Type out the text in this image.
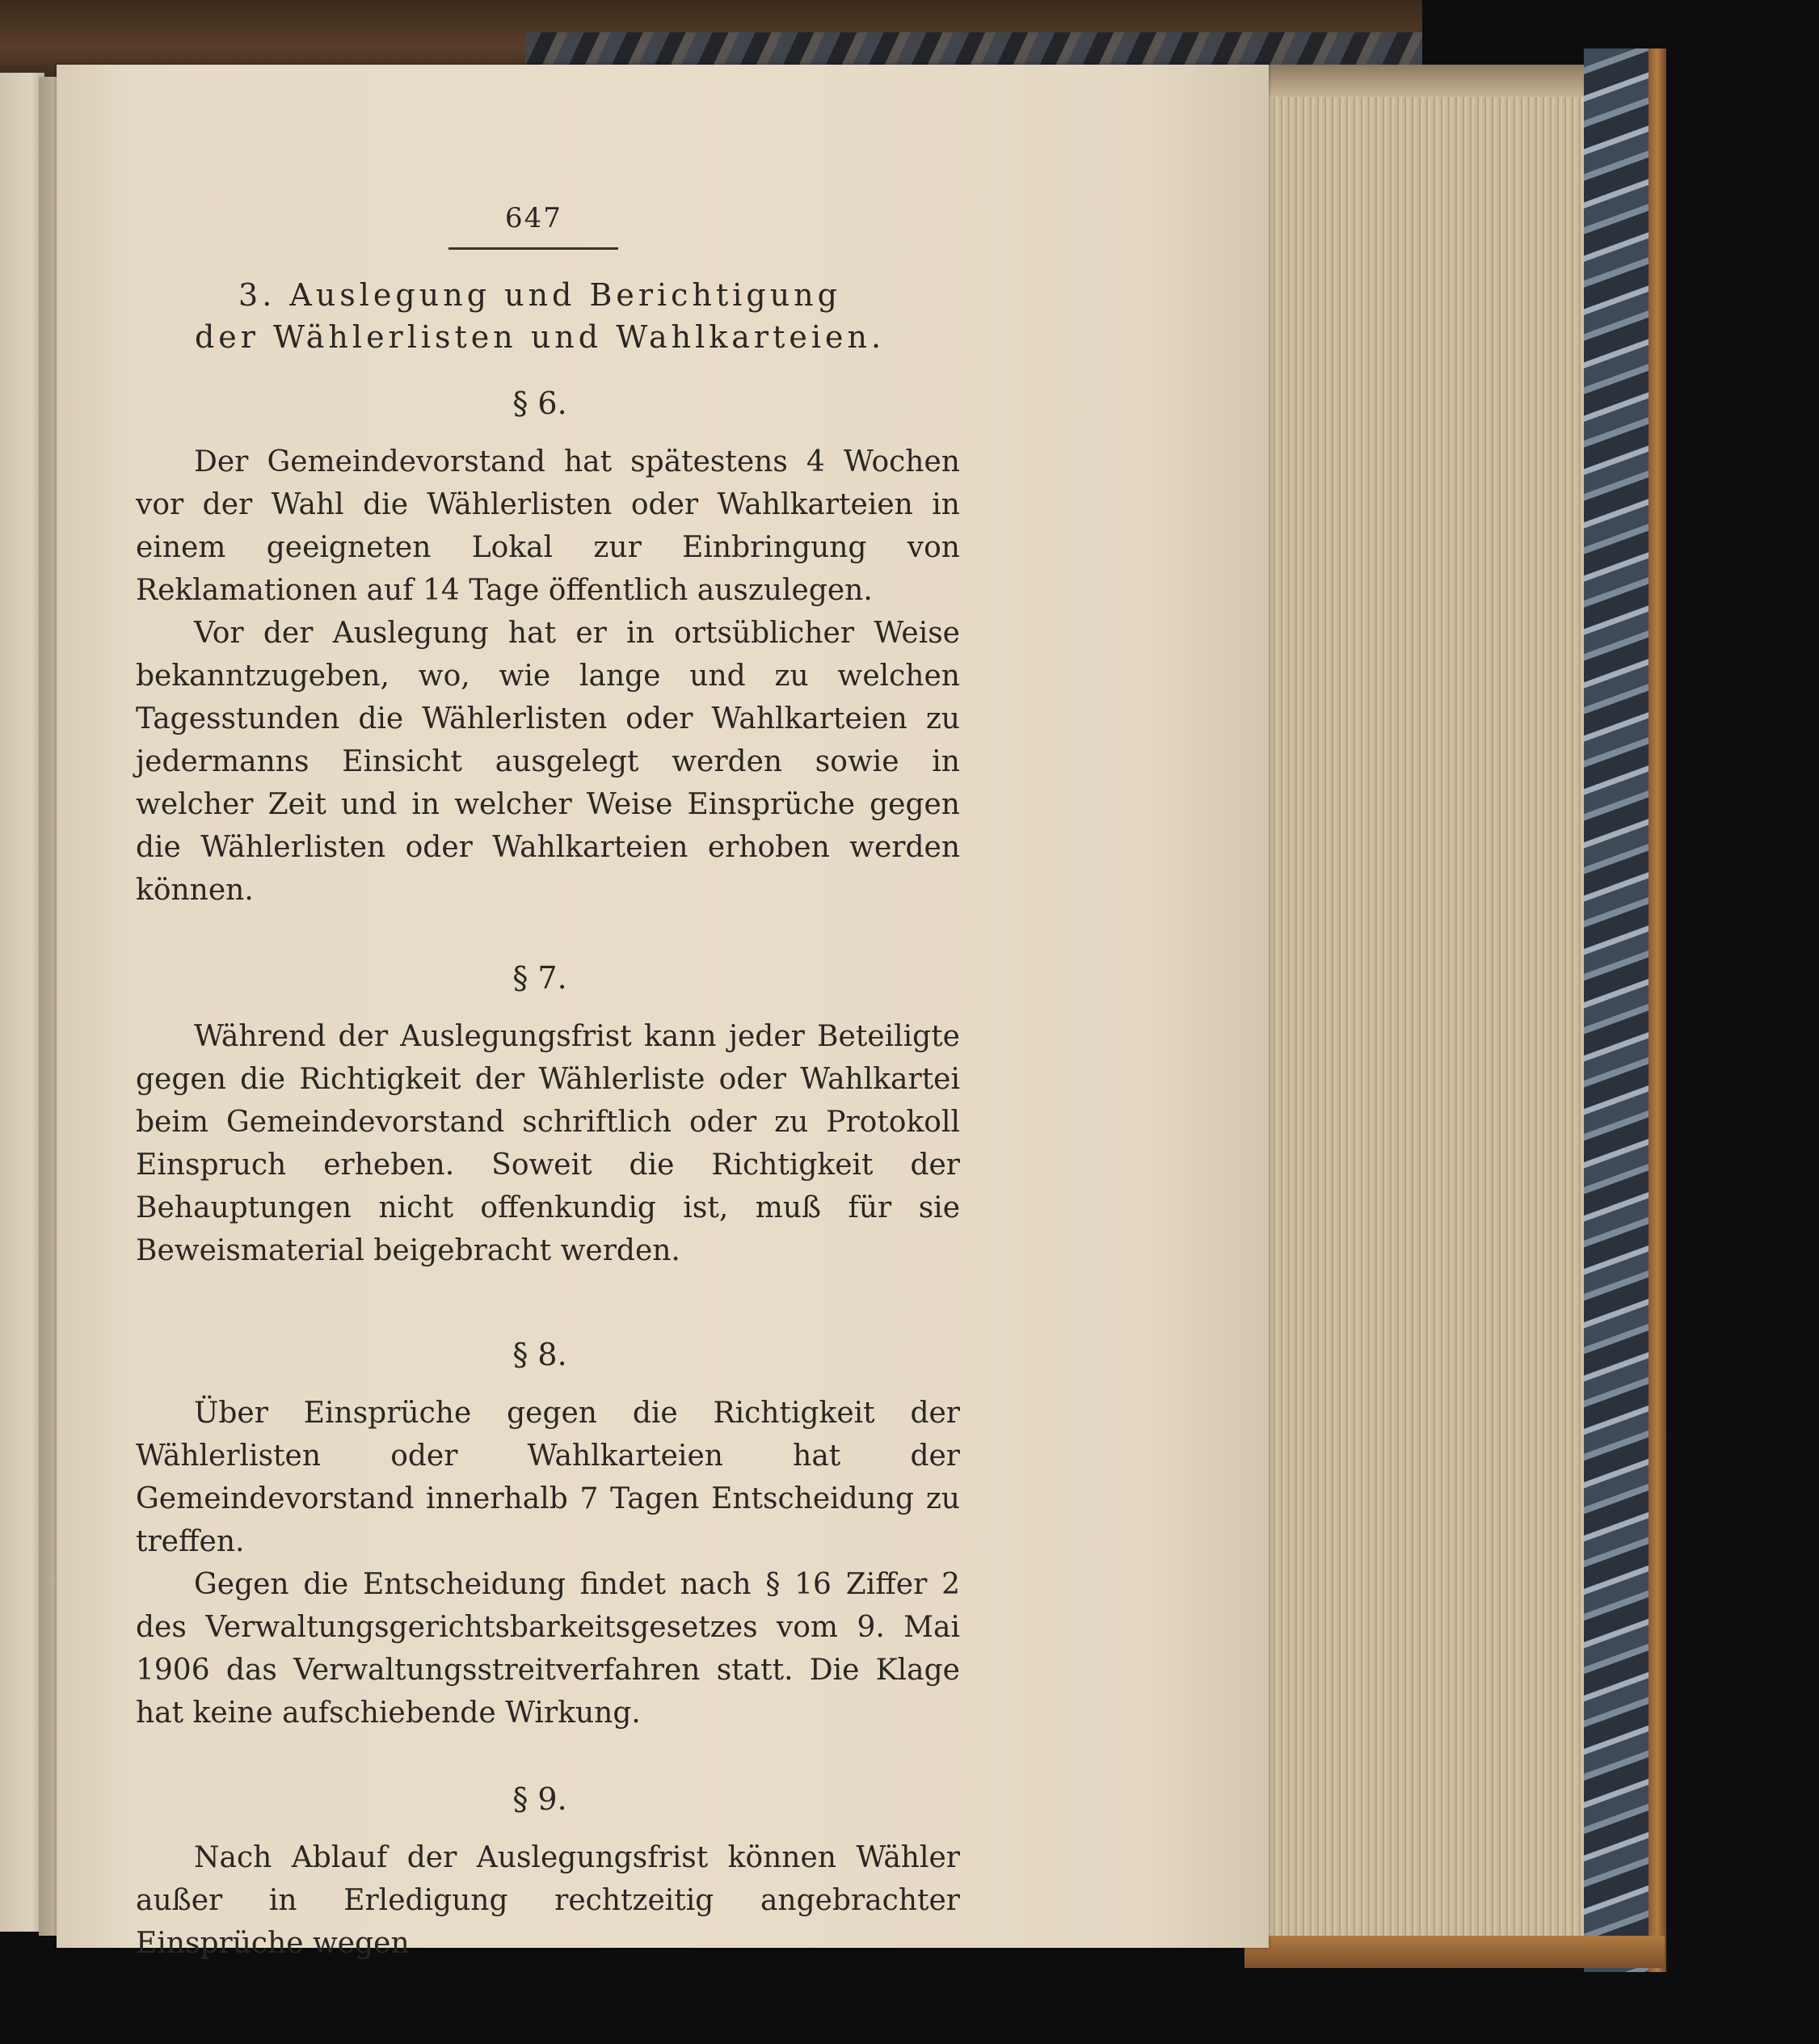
647
3. Auslegung und Berichtigung
der Wählerlisten und Wahlkarteien.
§ 6.

Der Gemeindevorstand hat spätestens 4 Wochen vor der Wahl die Wählerlisten oder Wahlkarteien in einem geeigneten Lokal zur Einbringung von Reklamationen auf 14 Tage öffentlich auszulegen.

Vor der Auslegung hat er in ortsüblicher Weise bekanntzugeben, wo, wie lange und zu welchen Tagesstunden die Wählerlisten oder Wahlkarteien zu jedermanns Einsicht ausgelegt werden sowie in welcher Zeit und in welcher Weise Einsprüche gegen die Wählerlisten oder Wahlkarteien erhoben werden können.

§ 7.

Während der Auslegungsfrist kann jeder Beteiligte gegen die Richtigkeit der Wählerliste oder Wahlkartei beim Gemeindevorstand schriftlich oder zu Protokoll Einspruch erheben. Soweit die Richtigkeit der Behauptungen nicht offenkundig ist, muß für sie Beweismaterial beigebracht werden.

§ 8.

Über Einsprüche gegen die Richtigkeit der Wählerlisten oder Wahlkarteien hat der Gemeindevorstand innerhalb 7 Tagen Entscheidung zu treffen.

Gegen die Entscheidung findet nach § 16 Ziffer 2 des Verwaltungsgerichtsbarkeitsgesetzes vom 9. Mai 1906 das Verwaltungsstreitverfahren statt. Die Klage hat keine aufschiebende Wirkung.

§ 9.

Nach Ablauf der Auslegungsfrist können Wähler außer in Erledigung rechtzeitig angebrachter Einsprüche wegen
